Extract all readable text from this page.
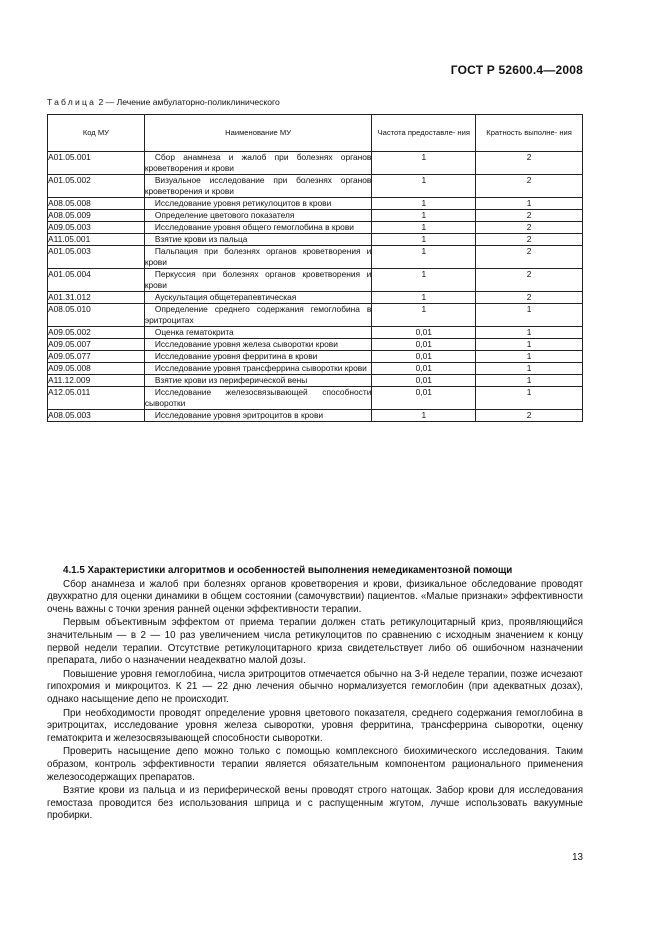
ГОСТ Р 52600.4—2008
Таблица 2 — Лечение амбулаторно-поликлинического
Код МУ	Наименование МУ	Частота предоставле- ния	Кратность выполне- ния
A01.05.001	Сбор анамнеза и жалоб при болезнях органов кроветворения и крови	1	2
A01.05.002	Визуальное исследование при болезнях органов кроветворения и крови	1	2
A08.05.008	Исследование уровня ретикулоцитов в крови	1	1
A08.05.009	Определение цветового показателя	1	2
A09.05.003	Исследование уровня общего гемоглобина в крови	1	2
A11.05.001	Взятие крови из пальца	1	2
A01.05.003	Пальпация при болезнях органов кроветворения и крови	1	2
A01.05.004	Перкуссия при болезнях органов кроветворения и крови	1	2
A01.31.012	Аускультация общетерапевтическая	1	2
A08.05.010	Определение среднего содержания гемоглобина в эритроцитах	1	1
A09.05.002	Оценка гематокрита	0,01	1
A09.05.007	Исследование уровня железа сыворотки крови	0,01	1
A09.05.077	Исследование уровня ферритина в крови	0,01	1
A09.05.008	Исследование уровня трансферрина сыворотки крови	0,01	1
A11.12.009	Взятие крови из периферической вены	0,01	1
A12.05.011	Исследование железосвязывающей способности сыворотки	0,01	1
A08.05.003	Исследование уровня эритроцитов в крови	1	2
4.1.5 Характеристики алгоритмов и особенностей выполнения немедикаментозной помощи

Сбор анамнеза и жалоб при болезнях органов кроветворения и крови, физикальное обследование проводят двухкратно для оценки динамики в общем состоянии (самочувствии) пациентов. «Малые признаки» эффективности очень важны с точки зрения ранней оценки эффективности терапии.

Первым объективным эффектом от приема терапии должен стать ретикулоцитарный криз, проявляющийся значительным — в 2 — 10 раз увеличением числа ретикулоцитов по сравнению с исходным значением к концу первой недели терапии. Отсутствие ретикулоцитарного криза свидетельствует либо об ошибочном назначении препарата, либо о назначении неадекватно малой дозы.

Повышение уровня гемоглобина, числа эритроцитов отмечается обычно на 3-й неделе терапии, позже исчезают гипохромия и микроцитоз. К 21 — 22 дню лечения обычно нормализуется гемоглобин (при адекватных дозах), однако насыщение депо не происходит.

При необходимости проводят определение уровня цветового показателя, среднего содержания гемоглобина в эритроцитах, исследование уровня железа сыворотки, уровня ферритина, трансферрина сыворотки, оценку гематокрита и железосвязывающей способности сыворотки.

Проверить насыщение депо можно только с помощью комплексного биохимического исследования. Таким образом, контроль эффективности терапии является обязательным компонентом рационального применения железосодержащих препаратов.

Взятие крови из пальца и из периферической вены проводят строго натощак. Забор крови для исследования гемостаза проводится без использования шприца и с распущенным жгутом, лучше использовать вакуумные пробирки.

13
